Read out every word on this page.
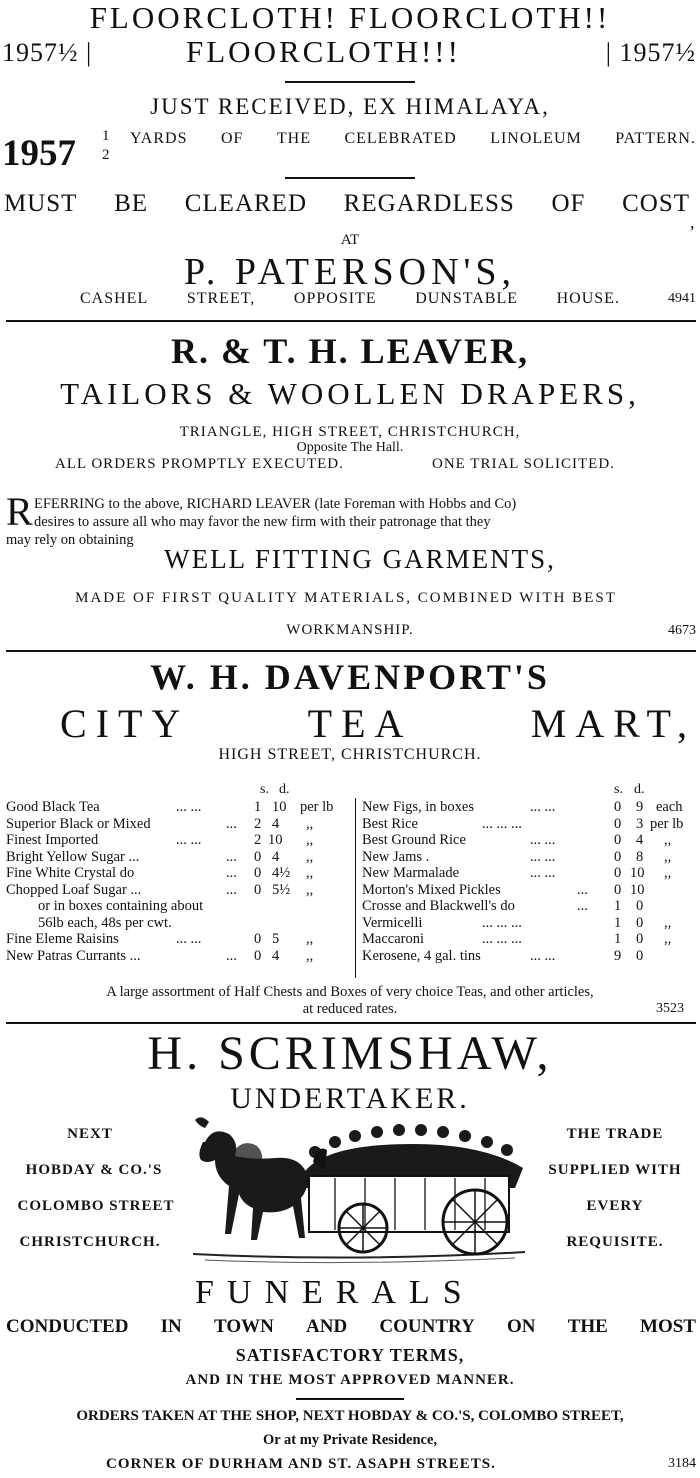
FLOORCLOTH! FLOORCLOTH!!
1957½ |	FLOORCLOTH!!!	| 1957½
JUST RECEIVED, EX HIMALAYA,
1957 1
2
YARDS OF THE CELEBRATED LINOLEUM PATTERN.
MUST BE CLEARED REGARDLESS OF COST
,
AT
P. PATERSON'S,
CASHEL STREET, OPPOSITE DUNSTABLE HOUSE.	4941
R. & T. H. LEAVER,
TAILORS & WOOLLEN DRAPERS,
TRIANGLE, HIGH STREET, CHRISTCHURCH,
Opposite The Hall.
ALL ORDERS PROMPTLY EXECUTED.	ONE TRIAL SOLICITED.
R EFERRING to the above, RICHARD LEAVER (late Foreman with Hobbs and Co)
desires to assure all who may favor the new firm with their patronage that they
may rely on obtaining
WELL FITTING GARMENTS,
MADE OF FIRST QUALITY MATERIALS, COMBINED WITH BEST
WORKMANSHIP.	4673
W. H. DAVENPORT'S
CITY	TEA	MART,
HIGH STREET, CHRISTCHURCH.
s. d.	s. d.
Good Black Tea	... ...	1 10 per lb
Superior Black or Mixed	... 2 4 ,,
Finest Imported	... ...	2 10 ,,
Bright Yellow Sugar ...	... 0 4 ,,
Fine White Crystal do	... 0 4½ ,,
Chopped Loaf Sugar ...	... 0 5½ ,,
or in boxes containing about
56lb each, 48s per cwt.
Fine Eleme Raisins	... ...	0 5 ,,
New Patras Currants ...	... 0 4 ,,
New Figs, in boxes	... ...	0 9 each
Best Rice	... ... ...	0 3 per lb
Best Ground Rice	... ...	0 4 ,,
New Jams .	... ...	0 8 ,,
New Marmalade	... ...	0 10 ,,
Morton's Mixed Pickles	... 0 10
Crosse and Blackwell's do	... 1 0
Vermicelli	... ... ...	1 0 ,,
Maccaroni	... ... ...	1 0 ,,
Kerosene, 4 gal. tins	... ...	9 0
A large assortment of Half Chests and Boxes of very choice Teas, and other articles,
at reduced rates.	3523
H. SCRIMSHAW,
UNDERTAKER.
NEXT
HOBDAY & CO.'S
COLOMBO STREET
CHRISTCHURCH.
THE TRADE
SUPPLIED WITH
EVERY
REQUISITE.
FUNERALS
CONDUCTED IN TOWN AND COUNTRY ON THE MOST
SATISFACTORY TERMS,
AND IN THE MOST APPROVED MANNER.
ORDERS TAKEN AT THE SHOP, NEXT HOBDAY & CO.'S, COLOMBO STREET,
Or at my Private Residence,
CORNER OF DURHAM AND ST. ASAPH STREETS.	3184
